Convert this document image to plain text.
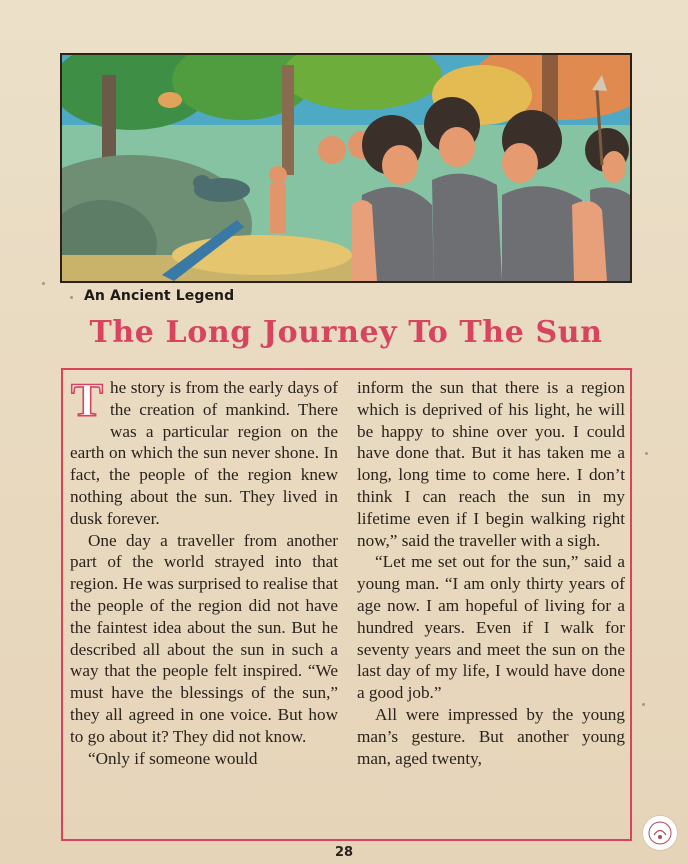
An Ancient Legend
The Long Journey To The Sun

The story is from the early days of the creation of mankind. There was a particular region on the earth on which the sun never shone. In fact, the people of the region knew nothing about the sun. They lived in dusk forever.

One day a traveller from another part of the world strayed into that region. He was surprised to realise that the people of the region did not have the faintest idea about the sun. But he described all about the sun in such a way that the people felt inspired. “We must have the blessings of the sun,” they all agreed in one voice. But how to go about it? They did not know.

“Only if someone would

inform the sun that there is a region which is deprived of his light, he will be happy to shine over you. I could have done that. But it has taken me a long, long time to come here. I don’t think I can reach the sun in my lifetime even if I begin walking right now,” said the traveller with a sigh.

“Let me set out for the sun,” said a young man. “I am only thirty years of age now. I am hopeful of living for a hundred years. Even if I walk for seventy years and meet the sun on the last day of my life, I would have done a good job.”

All were impressed by the young man’s gesture. But another young man, aged twenty,

28
